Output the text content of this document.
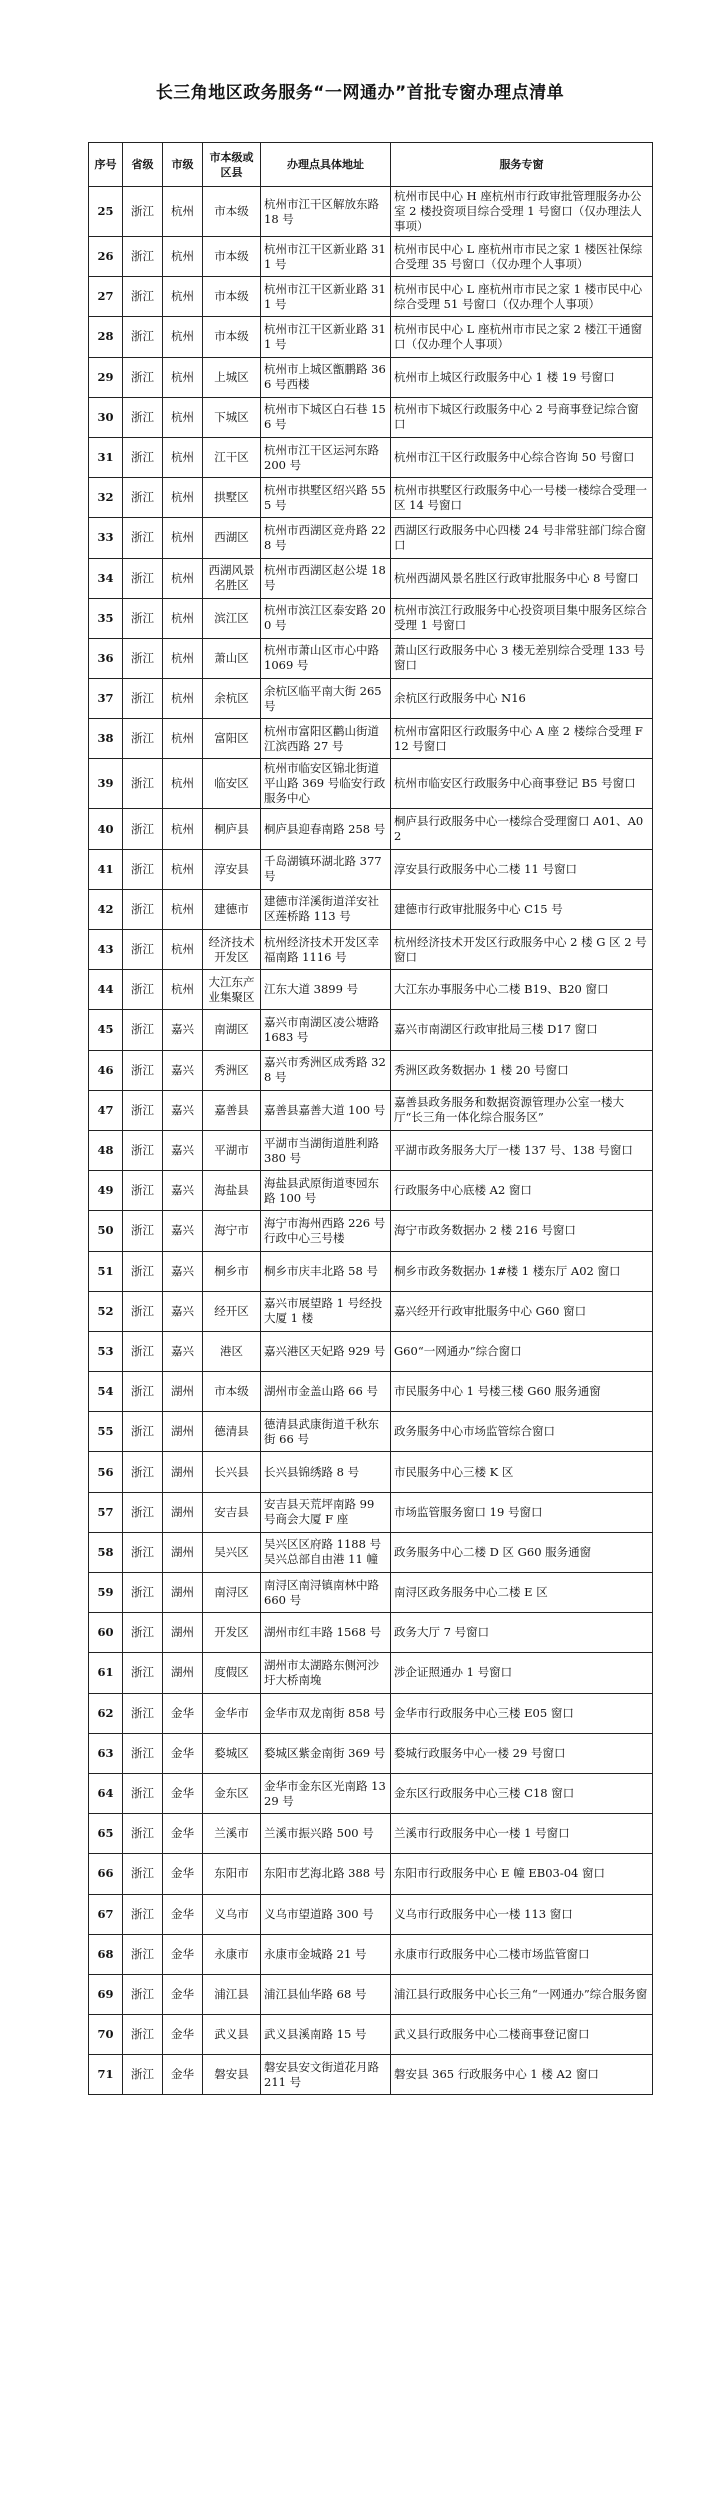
长三角地区政务服务“一网通办”首批专窗办理点清单
序号	省级	市级	市本级或区县	办理点具体地址	服务专窗
25	浙江	杭州	市本级	杭州市江干区解放东路 18 号	杭州市民中心 H 座杭州市行政审批管理服务办公室 2 楼投资项目综合受理 1 号窗口（仅办理法人事项）
26	浙江	杭州	市本级	杭州市江干区新业路 311 号	杭州市民中心 L 座杭州市市民之家 1 楼医社保综合受理 35 号窗口（仅办理个人事项）
27	浙江	杭州	市本级	杭州市江干区新业路 311 号	杭州市民中心 L 座杭州市市民之家 1 楼市民中心综合受理 51 号窗口（仅办理个人事项）
28	浙江	杭州	市本级	杭州市江干区新业路 311 号	杭州市民中心 L 座杭州市市民之家 2 楼江干通窗口（仅办理个人事项）
29	浙江	杭州	上城区	杭州市上城区甑鹏路 366 号西楼	杭州市上城区行政服务中心 1 楼 19 号窗口
30	浙江	杭州	下城区	杭州市下城区白石巷 156 号	杭州市下城区行政服务中心 2 号商事登记综合窗口
31	浙江	杭州	江干区	杭州市江干区运河东路 200 号	杭州市江干区行政服务中心综合咨询 50 号窗口
32	浙江	杭州	拱墅区	杭州市拱墅区绍兴路 555 号	杭州市拱墅区行政服务中心一号楼一楼综合受理一区 14 号窗口
33	浙江	杭州	西湖区	杭州市西湖区竞舟路 228 号	西湖区行政服务中心四楼 24 号非常驻部门综合窗口
34	浙江	杭州	西湖风景名胜区	杭州市西湖区赵公堤 18 号	杭州西湖风景名胜区行政审批服务中心 8 号窗口
35	浙江	杭州	滨江区	杭州市滨江区泰安路 200 号	杭州市滨江行政服务中心投资项目集中服务区综合受理 1 号窗口
36	浙江	杭州	萧山区	杭州市萧山区市心中路 1069 号	萧山区行政服务中心 3 楼无差别综合受理 133 号窗口
37	浙江	杭州	余杭区	余杭区临平南大街 265 号	余杭区行政服务中心 N16
38	浙江	杭州	富阳区	杭州市富阳区鹳山街道江滨西路 27 号	杭州市富阳区行政服务中心 A 座 2 楼综合受理 F12 号窗口
39	浙江	杭州	临安区	杭州市临安区锦北街道平山路 369 号临安行政服务中心	杭州市临安区行政服务中心商事登记 B5 号窗口
40	浙江	杭州	桐庐县	桐庐县迎春南路 258 号	桐庐县行政服务中心一楼综合受理窗口 A01、A02
41	浙江	杭州	淳安县	千岛湖镇环湖北路 377 号	淳安县行政服务中心二楼 11 号窗口
42	浙江	杭州	建德市	建德市洋溪街道洋安社区莲桥路 113 号	建德市行政审批服务中心 C15 号
43	浙江	杭州	经济技术开发区	杭州经济技术开发区幸福南路 1116 号	杭州经济技术开发区行政服务中心 2 楼 G 区 2 号窗口
44	浙江	杭州	大江东产业集聚区	江东大道 3899 号	大江东办事服务中心二楼 B19、B20 窗口
45	浙江	嘉兴	南湖区	嘉兴市南湖区凌公塘路 1683 号	嘉兴市南湖区行政审批局三楼 D17 窗口
46	浙江	嘉兴	秀洲区	嘉兴市秀洲区成秀路 328 号	秀洲区政务数据办 1 楼 20 号窗口
47	浙江	嘉兴	嘉善县	嘉善县嘉善大道 100 号	嘉善县政务服务和数据资源管理办公室一楼大厅“长三角一体化综合服务区”
48	浙江	嘉兴	平湖市	平湖市当湖街道胜利路 380 号	平湖市政务服务大厅一楼 137 号、138 号窗口
49	浙江	嘉兴	海盐县	海盐县武原街道枣园东路 100 号	行政服务中心底楼 A2 窗口
50	浙江	嘉兴	海宁市	海宁市海州西路 226 号行政中心三号楼	海宁市政务数据办 2 楼 216 号窗口
51	浙江	嘉兴	桐乡市	桐乡市庆丰北路 58 号	桐乡市政务数据办 1#楼 1 楼东厅 A02 窗口
52	浙江	嘉兴	经开区	嘉兴市展望路 1 号经投大厦 1 楼	嘉兴经开行政审批服务中心 G60 窗口
53	浙江	嘉兴	港区	嘉兴港区天妃路 929 号	G60“一网通办”综合窗口
54	浙江	湖州	市本级	湖州市金盖山路 66 号	市民服务中心 1 号楼三楼 G60 服务通窗
55	浙江	湖州	德清县	德清县武康街道千秋东街 66 号	政务服务中心市场监管综合窗口
56	浙江	湖州	长兴县	长兴县锦绣路 8 号	市民服务中心三楼 K 区
57	浙江	湖州	安吉县	安吉县天荒坪南路 99 号商会大厦 F 座	市场监管服务窗口 19 号窗口
58	浙江	湖州	吴兴区	吴兴区区府路 1188 号吴兴总部自由港 11 幢	政务服务中心二楼 D 区 G60 服务通窗
59	浙江	湖州	南浔区	南浔区南浔镇南林中路 660 号	南浔区政务服务中心二楼 E 区
60	浙江	湖州	开发区	湖州市红丰路 1568 号	政务大厅 7 号窗口
61	浙江	湖州	度假区	湖州市太湖路东侧河沙圩大桥南堍	涉企证照通办 1 号窗口
62	浙江	金华	金华市	金华市双龙南街 858 号	金华市行政服务中心三楼 E05 窗口
63	浙江	金华	婺城区	婺城区紫金南街 369 号	婺城行政服务中心一楼 29 号窗口
64	浙江	金华	金东区	金华市金东区光南路 1329 号	金东区行政服务中心三楼 C18 窗口
65	浙江	金华	兰溪市	兰溪市振兴路 500 号	兰溪市行政服务中心一楼 1 号窗口
66	浙江	金华	东阳市	东阳市艺海北路 388 号	东阳市行政服务中心 E 幢 EB03-04 窗口
67	浙江	金华	义乌市	义乌市望道路 300 号	义乌市行政服务中心一楼 113 窗口
68	浙江	金华	永康市	永康市金城路 21 号	永康市行政服务中心二楼市场监管窗口
69	浙江	金华	浦江县	浦江县仙华路 68 号	浦江县行政服务中心长三角“一网通办”综合服务窗
70	浙江	金华	武义县	武义县溪南路 15 号	武义县行政服务中心二楼商事登记窗口
71	浙江	金华	磐安县	磐安县安文街道花月路 211 号	磐安县 365 行政服务中心 1 楼 A2 窗口
